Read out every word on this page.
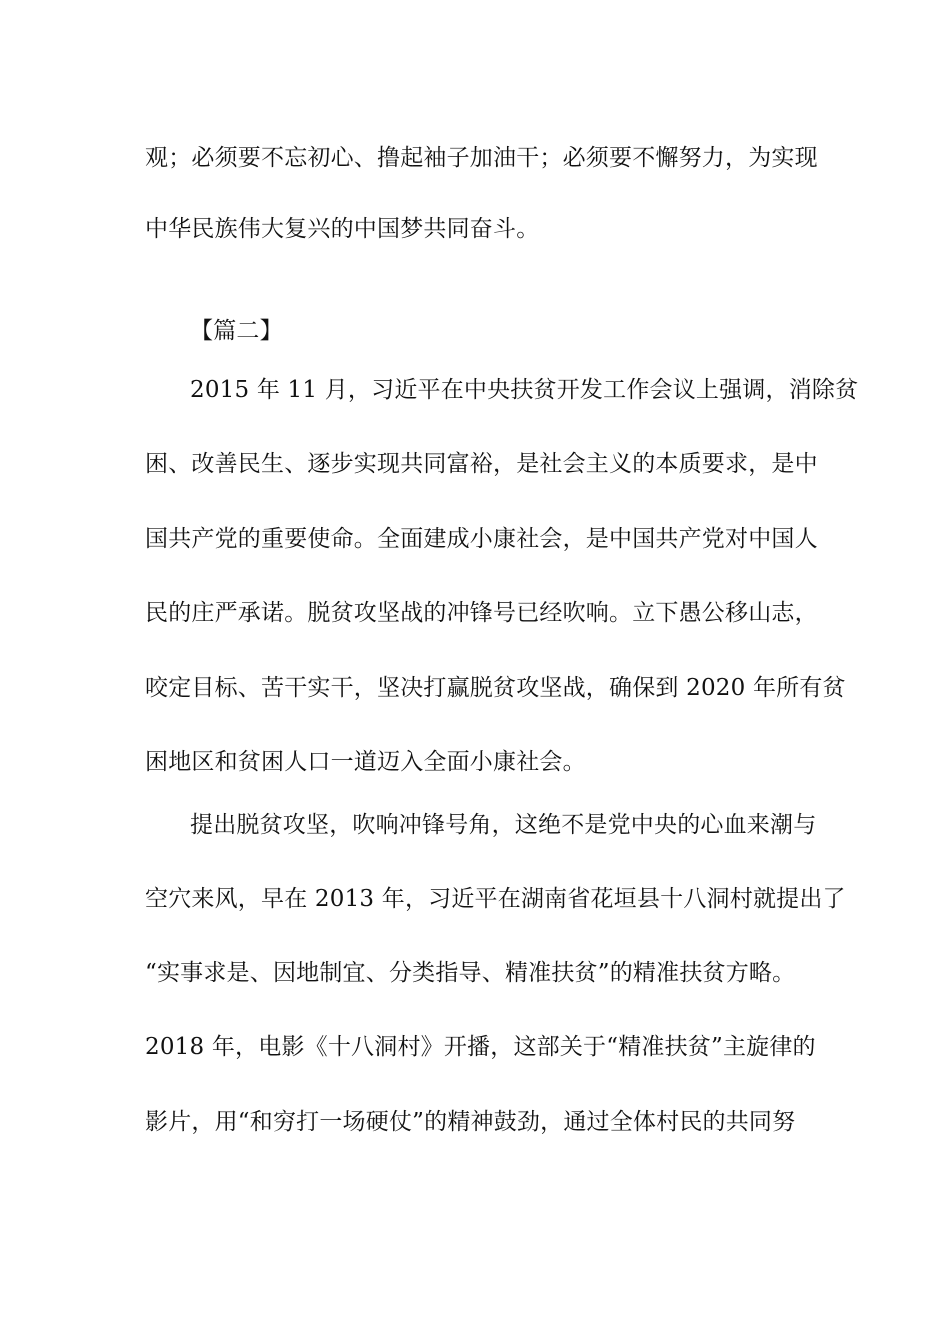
观；必须要不忘初心、撸起袖子加油干；必须要不懈努力，为实现
中华民族伟大复兴的中国梦共同奋斗。
【篇二】
2015 年 11 月，习近平在中央扶贫开发工作会议上强调，消除贫
困、改善民生、逐步实现共同富裕，是社会主义的本质要求，是中
国共产党的重要使命。全面建成小康社会，是中国共产党对中国人
民的庄严承诺。脱贫攻坚战的冲锋号已经吹响。立下愚公移山志，
咬定目标、苦干实干，坚决打赢脱贫攻坚战，确保到 2020 年所有贫
困地区和贫困人口一道迈入全面小康社会。
提出脱贫攻坚，吹响冲锋号角，这绝不是党中央的心血来潮与
空穴来风，早在 2013 年，习近平在湖南省花垣县十八洞村就提出了
“实事求是、因地制宜、分类指导、精准扶贫”的精准扶贫方略。
2018 年，电影《十八洞村》开播，这部关于“精准扶贫”主旋律的
影片，用“和穷打一场硬仗”的精神鼓劲，通过全体村民的共同努
